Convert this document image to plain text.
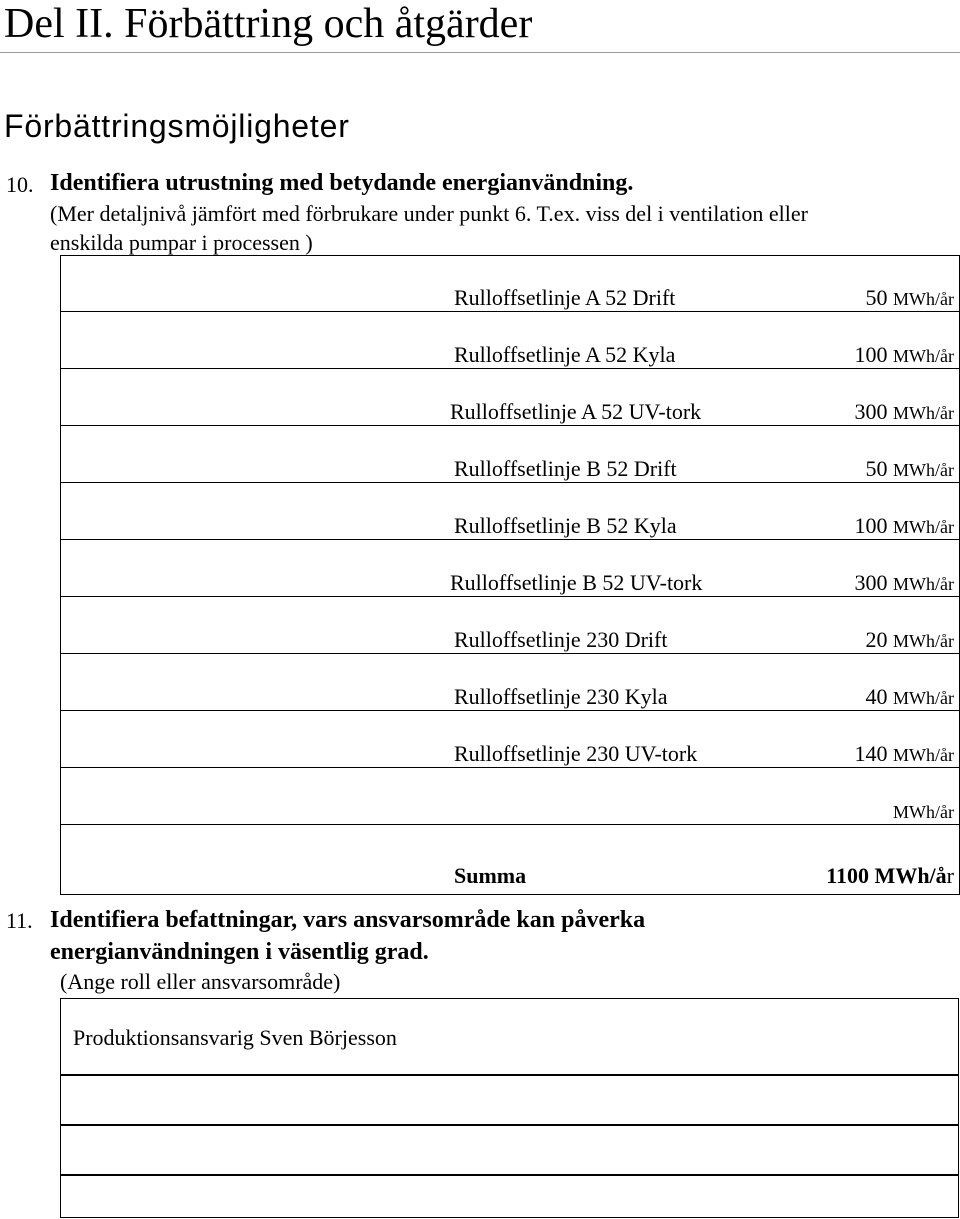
Del II. Förbättring och åtgärder
Förbättringsmöjligheter
10. Identifiera utrustning med betydande energianvändning.
(Mer detaljnivå jämfört med förbrukare under punkt 6. T.ex. viss del i ventilation eller
enskilda pumpar i processen )
Rulloffsetlinje A 52 Drift	50 MWh/år
Rulloffsetlinje A 52 Kyla	100 MWh/år
Rulloffsetlinje A 52 UV-tork	300 MWh/år
Rulloffsetlinje B 52 Drift	50 MWh/år
Rulloffsetlinje B 52 Kyla	100 MWh/år
Rulloffsetlinje B 52 UV-tork	300 MWh/år
Rulloffsetlinje 230 Drift	20 MWh/år
Rulloffsetlinje 230 Kyla	40 MWh/år
Rulloffsetlinje 230 UV-tork	140 MWh/år
MWh/år
Summa	1100 MWh/år
11. Identifiera befattningar, vars ansvarsområde kan påverka
energianvändningen i väsentlig grad.
(Ange roll eller ansvarsområde)
Produktionsansvarig Sven Börjesson
